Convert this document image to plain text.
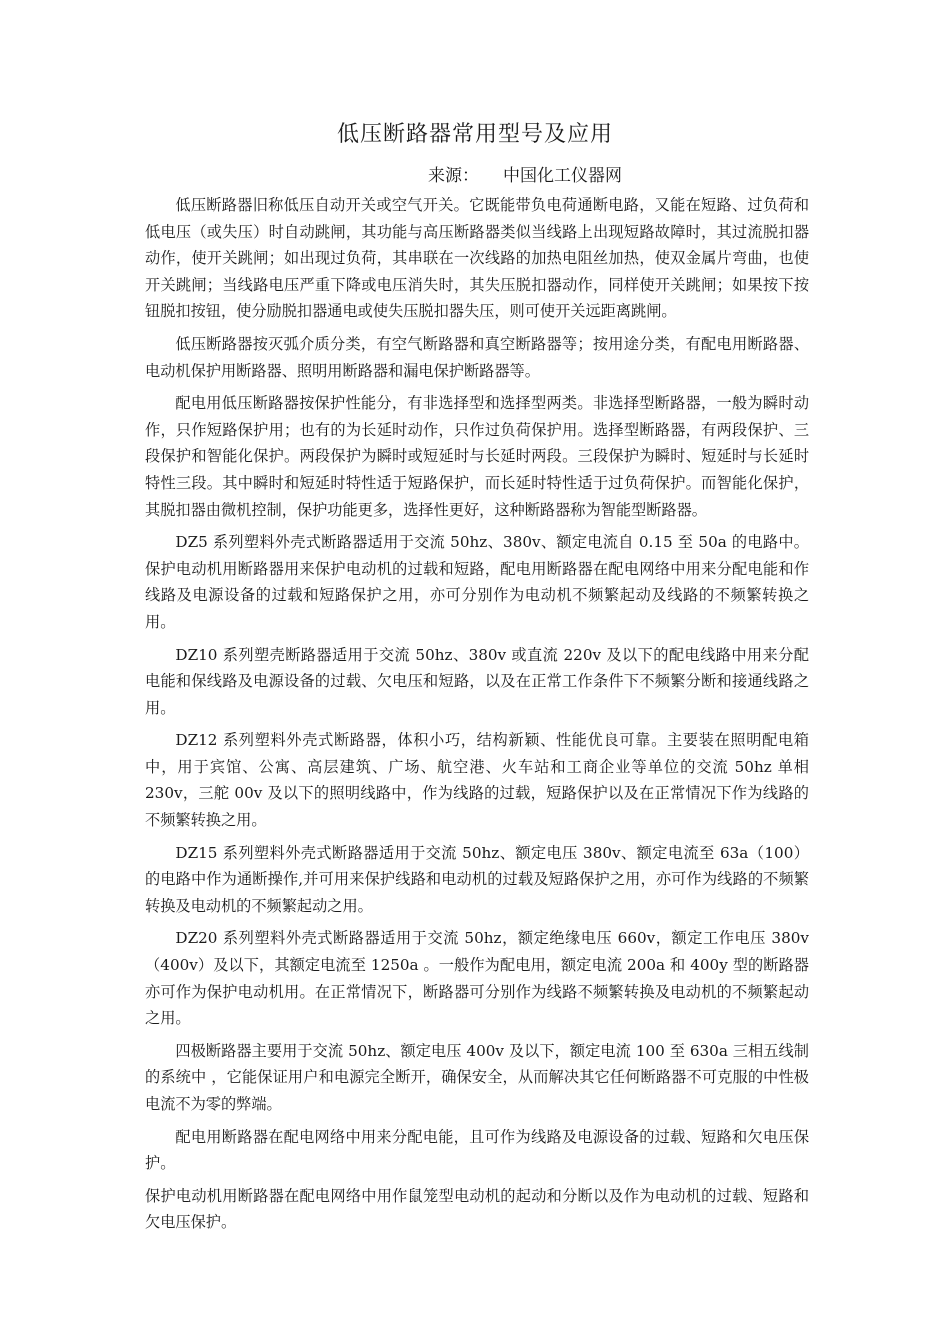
低压断路器常用型号及应用
来源： 中国化工仪器网

低压断路器旧称低压自动开关或空气开关。它既能带负电荷通断电路，又能在短路、过负荷和低电压（或失压）时自动跳闸，其功能与高压断路器类似当线路上出现短路故障时，其过流脱扣器动作，使开关跳闸；如出现过负荷，其串联在一次线路的加热电阻丝加热，使双金属片弯曲，也使开关跳闸；当线路电压严重下降或电压消失时，其失压脱扣器动作，同样使开关跳闸；如果按下按钮脱扣按钮，使分励脱扣器通电或使失压脱扣器失压，则可使开关远距离跳闸。

低压断路器按灭弧介质分类，有空气断路器和真空断路器等；按用途分类，有配电用断路器、电动机保护用断路器、照明用断路器和漏电保护断路器等。

配电用低压断路器按保护性能分，有非选择型和选择型两类。非选择型断路器，一般为瞬时动作，只作短路保护用；也有的为长延时动作，只作过负荷保护用。选择型断路器，有两段保护、三段保护和智能化保护。两段保护为瞬时或短延时与长延时两段。三段保护为瞬时、短延时与长延时特性三段。其中瞬时和短延时特性适于短路保护，而长延时特性适于过负荷保护。而智能化保护，其脱扣器由微机控制，保护功能更多，选择性更好，这种断路器称为智能型断路器。

DZ5 系列塑料外壳式断路器适用于交流 50hz、380v、额定电流自 0.15 至 50a 的电路中。保护电动机用断路器用来保护电动机的过载和短路，配电用断路器在配电网络中用来分配电能和作线路及电源设备的过载和短路保护之用，亦可分别作为电动机不频繁起动及线路的不频繁转换之用。

DZ10 系列塑壳断路器适用于交流 50hz、380v 或直流 220v 及以下的配电线路中用来分配电能和保线路及电源设备的过载、欠电压和短路，以及在正常工作条件下不频繁分断和接通线路之用。

DZ12 系列塑料外壳式断路器，体积小巧，结构新颖、性能优良可靠。主要装在照明配电箱中，用于宾馆、公寓、高层建筑、广场、航空港、火车站和工商企业等单位的交流 50hz 单相 230v，三舵 00v 及以下的照明线路中，作为线路的过载，短路保护以及在正常情况下作为线路的不频繁转换之用。

DZ15 系列塑料外壳式断路器适用于交流 50hz、额定电压 380v、额定电流至 63a（100）的电路中作为通断操作,并可用来保护线路和电动机的过载及短路保护之用，亦可作为线路的不频繁转换及电动机的不频繁起动之用。

DZ20 系列塑料外壳式断路器适用于交流 50hz，额定绝缘电压 660v，额定工作电压 380v（400v）及以下，其额定电流至 1250a 。一般作为配电用，额定电流 200a 和 400y 型的断路器亦可作为保护电动机用。在正常情况下，断路器可分别作为线路不频繁转换及电动机的不频繁起动之用。

四极断路器主要用于交流 50hz、额定电压 400v 及以下，额定电流 100 至 630a 三相五线制的系统中 ，它能保证用户和电源完全断开，确保安全，从而解决其它任何断路器不可克服的中性极电流不为零的弊端。

配电用断路器在配电网络中用来分配电能，且可作为线路及电源设备的过载、短路和欠电压保护。

保护电动机用断路器在配电网络中用作鼠笼型电动机的起动和分断以及作为电动机的过载、短路和欠电压保护。
